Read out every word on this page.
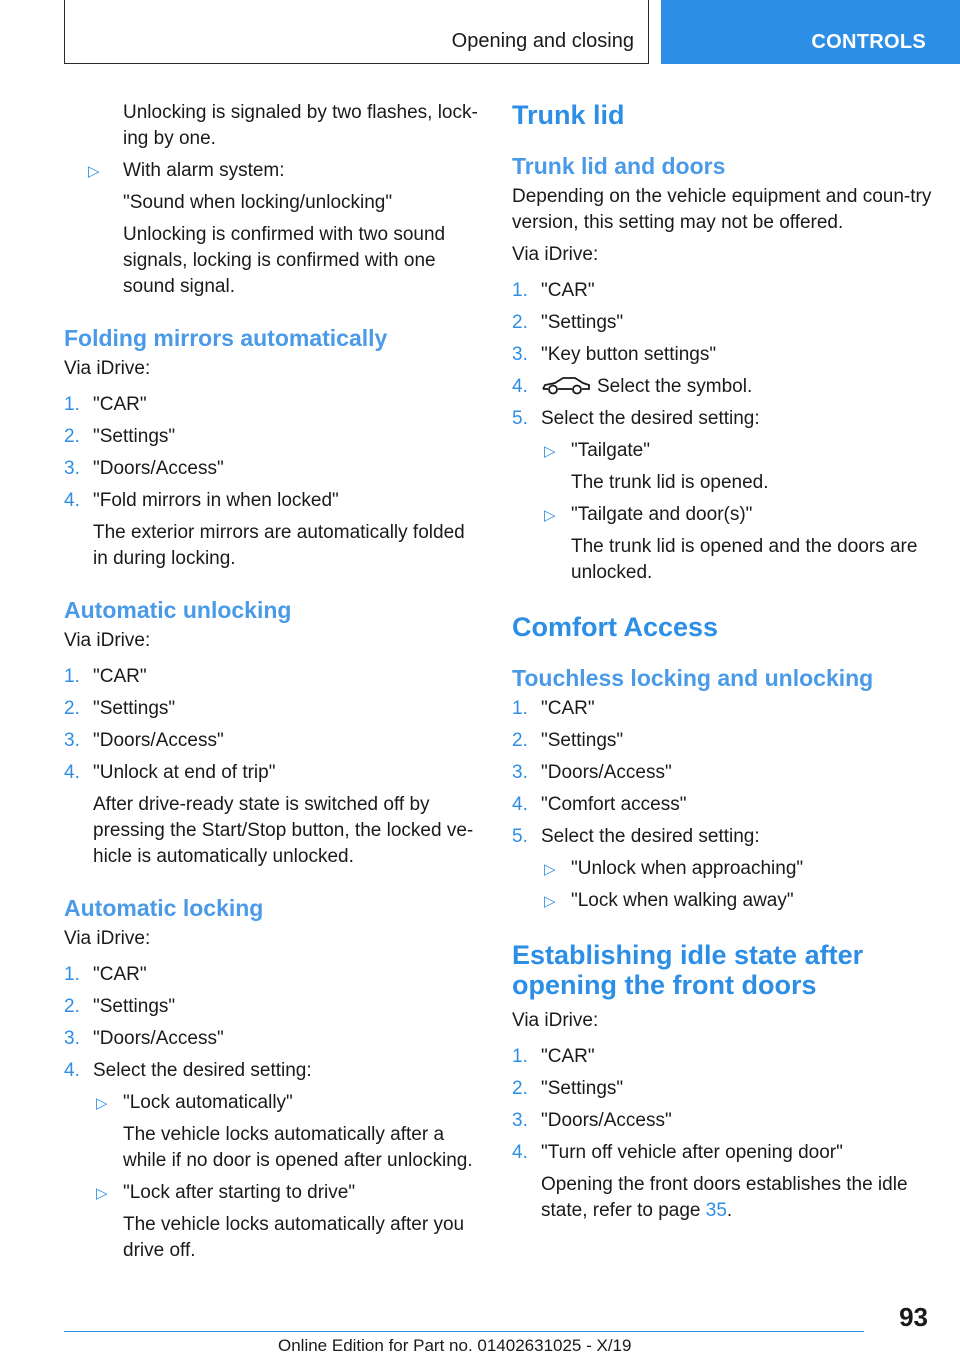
Opening and closing	CONTROLS

Unlocking is signaled by two flashes, lock-ing by one.

▷ With alarm system:
"Sound when locking/unlocking"
Unlocking is confirmed with two sound signals, locking is confirmed with one sound signal.
Folding mirrors automatically
Via iDrive:
1. "CAR"
2. "Settings"
3. "Doors/Access"
4. "Fold mirrors in when locked"
The exterior mirrors are automatically folded in during locking.
Automatic unlocking
Via iDrive:
1. "CAR"
2. "Settings"
3. "Doors/Access"
4. "Unlock at end of trip"
After drive-ready state is switched off by pressing the Start/Stop button, the locked ve-hicle is automatically unlocked.
Automatic locking
Via iDrive:
1. "CAR"
2. "Settings"
3. "Doors/Access"
4. Select the desired setting:
▷ "Lock automatically"
The vehicle locks automatically after a while if no door is opened after unlocking.
▷ "Lock after starting to drive"
The vehicle locks automatically after you drive off.
Trunk lid
Trunk lid and doors

Depending on the vehicle equipment and coun-try version, this setting may not be offered.

Via iDrive:
1. "CAR"
2. "Settings"
3. "Key button settings"
4.	Select the symbol.
5. Select the desired setting:
▷ "Tailgate"
The trunk lid is opened.
▷ "Tailgate and door(s)"
The trunk lid is opened and the doors are unlocked.
Comfort Access
Touchless locking and unlocking
1. "CAR"
2. "Settings"
3. "Doors/Access"
4. "Comfort access"
5. Select the desired setting:
▷ "Unlock when approaching"
▷ "Lock when walking away"
Establishing idle state after opening the front doors
Via iDrive:
1. "CAR"
2. "Settings"
3. "Doors/Access"
4. "Turn off vehicle after opening door"
Opening the front doors establishes the idle state, refer to page 35.
93
Online Edition for Part no. 01402631025 - X/19
